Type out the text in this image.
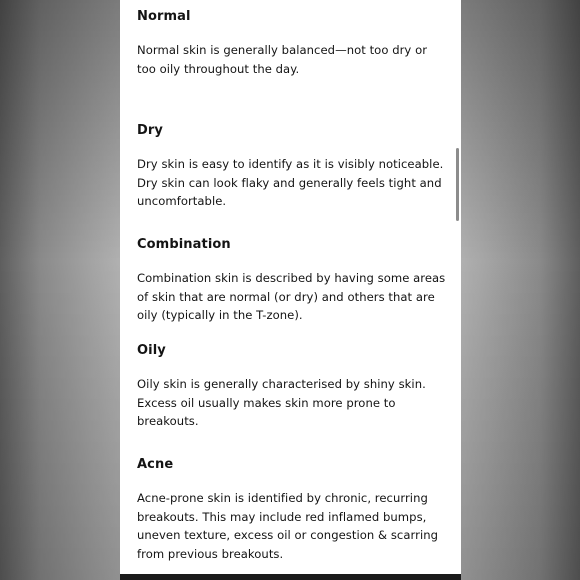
Normal

Normal skin is generally balanced—not too dry or too oily throughout the day.

Dry

Dry skin is easy to identify as it is visibly noticeable. Dry skin can look flaky and generally feels tight and uncomfortable.

Combination

Combination skin is described by having some areas of skin that are normal (or dry) and others that are oily (typically in the T-zone).

Oily

Oily skin is generally characterised by shiny skin. Excess oil usually makes skin more prone to breakouts.

Acne

Acne-prone skin is identified by chronic, recurring breakouts. This may include red inflamed bumps, uneven texture, excess oil or congestion & scarring from previous breakouts.
